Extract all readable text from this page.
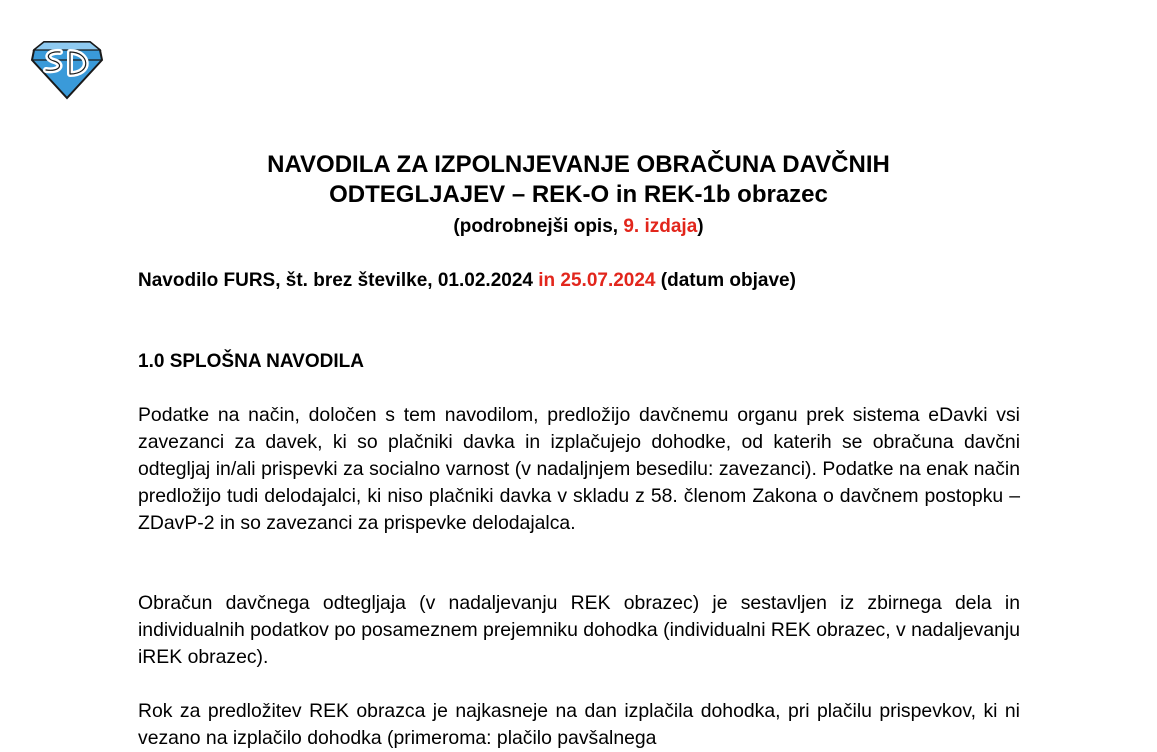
NAVODILA ZA IZPOLNJEVANJE OBRAČUNA DAVČNIH
ODTEGLJAJEV – REK-O in REK-1b obrazec
(podrobnejši opis, 9. izdaja)
Navodilo FURS, št. brez številke, 01.02.2024 in 25.07.2024 (datum objave)
1.0 SPLOŠNA NAVODILA

Podatke na način, določen s tem navodilom, predložijo davčnemu organu prek sistema eDavki vsi zavezanci za davek, ki so plačniki davka in izplačujejo dohodke, od katerih se obračuna davčni odtegljaj in/ali prispevki za socialno varnost (v nadaljnjem besedilu: zavezanci). Podatke na enak način predložijo tudi delodajalci, ki niso plačniki davka v skladu z 58. členom Zakona o davčnem postopku – ZDavP-2 in so zavezanci za prispevke delodajalca.

Obračun davčnega odtegljaja (v nadaljevanju REK obrazec) je sestavljen iz zbirnega dela in individualnih podatkov po posameznem prejemniku dohodka (individualni REK obrazec, v nadaljevanju iREK obrazec).

Rok za predložitev REK obrazca je najkasneje na dan izplačila dohodka, pri plačilu prispevkov, ki ni vezano na izplačilo dohodka (primeroma: plačilo pavšalnega
